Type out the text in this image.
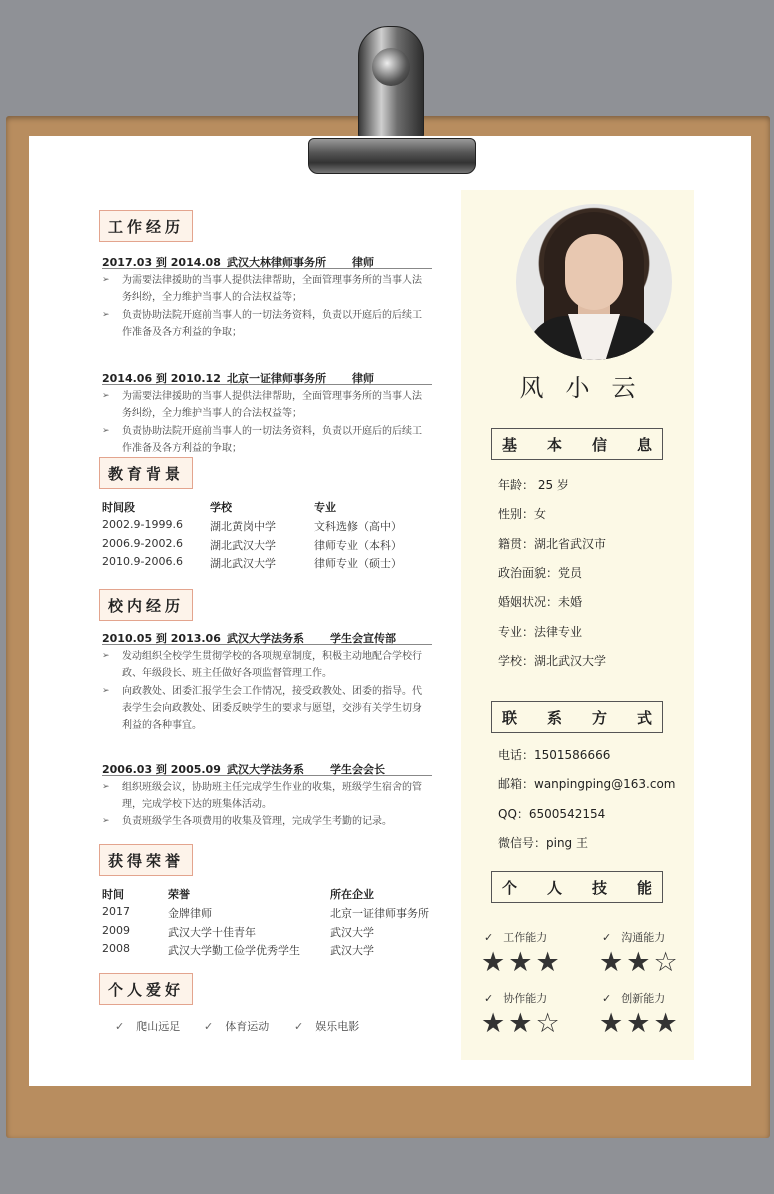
风小云
基 本 信 息
年龄： 25 岁
性别：女
籍贯：湖北省武汉市
政治面貌：党员
婚姻状况：未婚
专业：法律专业
学校：湖北武汉大学
联 系 方 式
电话：1501586666
邮箱：wanpingping@163.com
QQ：6500542154
微信号：ping 王
个 人 技 能
✓ 工作能力
★★★
✓ 沟通能力
★★☆
✓ 协作能力
★★☆
✓ 创新能力
★★★
工作经历
2017.03 到 2014.08 武汉大林律师事务所 律师
➢ 为需要法律援助的当事人提供法律帮助，全面管理事务所的当事人法
务纠纷，全力维护当事人的合法权益等；
➢ 负责协助法院开庭前当事人的一切法务资料，负责以开庭后的后续工
作准备及各方利益的争取；
2014.06 到 2010.12 北京一证律师事务所 律师
➢ 为需要法律援助的当事人提供法律帮助，全面管理事务所的当事人法
务纠纷，全力维护当事人的合法权益等；
➢ 负责协助法院开庭前当事人的一切法务资料，负责以开庭后的后续工
作准备及各方利益的争取；
教育背景
时间段	学校	专业
2002.9-1999.6 湖北黄岗中学	文科选修（高中）
2006.9-2002.6 湖北武汉大学	律师专业（本科）
2010.9-2006.6 湖北武汉大学	律师专业（硕士）
校内经历
2010.05 到 2013.06 武汉大学法务系 学生会宣传部
➢ 发动组织全校学生贯彻学校的各项规章制度，积极主动地配合学校行
政、年级段长、班主任做好各项监督管理工作。
➢ 向政教处、团委汇报学生会工作情况，接受政教处、团委的指导。代
表学生会向政教处、团委反映学生的要求与愿望，交涉有关学生切身
利益的各种事宜。
2006.03 到 2005.09 武汉大学法务系 学生会会长
➢ 组织班级会议，协助班主任完成学生作业的收集，班级学生宿舍的管
理，完成学校下达的班集体活动。
➢ 负责班级学生各项费用的收集及管理，完成学生考勤的记录。
获得荣誉
时间	荣誉	所在企业
2017	金牌律师	北京一证律师事务所
2009	武汉大学十佳青年	武汉大学
2008	武汉大学勤工俭学优秀学生	武汉大学
个人爱好
✓ 爬山远足 ✓ 体育运动 ✓ 娱乐电影
